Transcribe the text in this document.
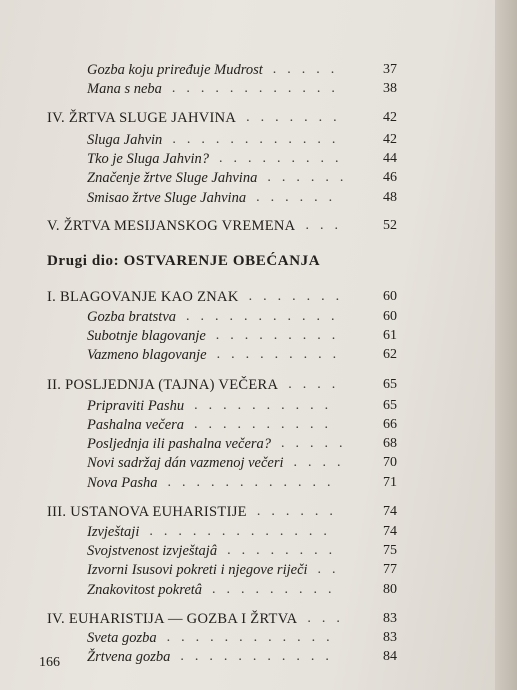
Gozba koju priređuje Mudrost .....	37
Mana s neba ............	38
IV. ŽRTVA SLUGE JAHVINA .......	42
Sluga Jahvin ............	42
Tko je Sluga Jahvin? .........	44
Značenje žrtve Sluge Jahvina ......	46
Smisao žrtve Sluge Jahvina ......	48
V. ŽRTVA MESIJANSKOG VREMENA ...	52
I. BLAGOVANJE KAO ZNAK .......	60
Gozba bratstva ...........	60
Subotnje blagovanje .........	61
Vazmeno blagovanje .........	62
II. POSLJEDNJA (TAJNA) VEČERA ....	65
Pripraviti Pashu ..........	65
Pashalna večera ..........	66
Posljednja ili pashalna večera? .....	68
Novi sadržaj dán vazmenoj večeri ....	70
Nova Pasha ............	71
III. USTANOVA EUHARISTIJE ......	74
Izvještaji .............	74
Svojstvenost izvještajâ ........	75
Izvorni Isusovi pokreti i njegove riječi ..	77
Znakovitost pokretâ .........	80
IV. EUHARISTIJA — GOZBA I ŽRTVA ...	83
Sveta gozba ............	83
Žrtvena gozba ...........	84
Drugi dio: OSTVARENJE OBEĆANJA
166
